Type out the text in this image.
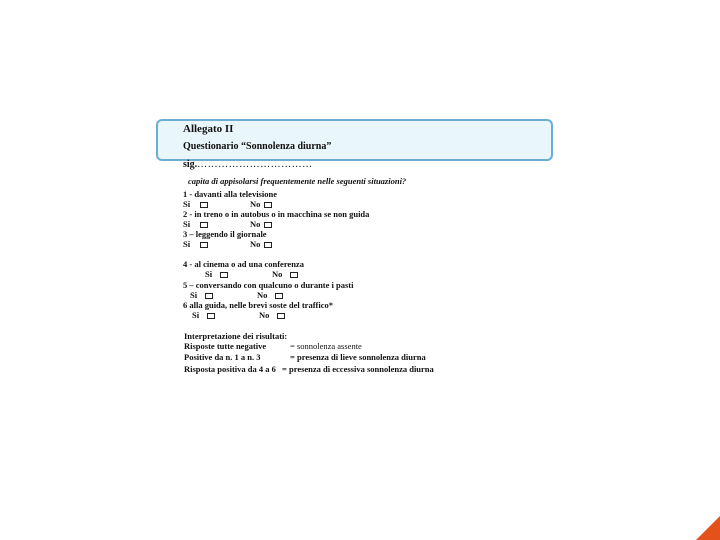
Allegato II
Questionario “Sonnolenza diurna”
sig.……………………………
capita di appisolarsi frequentemente nelle seguenti situazioni?
1 - davanti alla televisione
Si	No
2 - in treno o in autobus o in macchina se non guida
Si	No
3 – leggendo il giornale
Si	No
4 - al cinema o ad una conferenza
Si	No
5 – conversando con qualcuno o durante i pasti
Si	No
6 alla guida, nelle brevi soste del traffico*
Si	No
Interpretazione dei risultati:
Risposte tutte negative	= sonnolenza assente
Positive da n. 1 a n. 3	= presenza di lieve sonnolenza diurna
Risposta positiva da 4 a 6 = presenza di eccessiva sonnolenza diurna
